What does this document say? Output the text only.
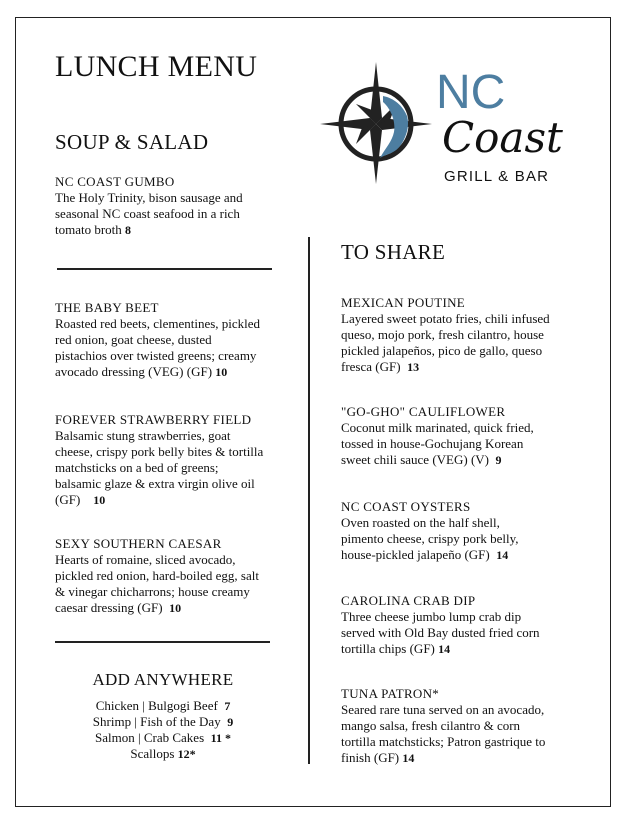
LUNCH MENU	NC
Coast
GRILL & BAR
SOUP & SALAD
NC COAST GUMBO
The Holy Trinity, bison sausage and
seasonal NC coast seafood in a rich
tomato broth 8
THE BABY BEET
Roasted red beets, clementines, pickled
red onion, goat cheese, dusted
pistachios over twisted greens; creamy
avocado dressing (VEG) (GF) 10
FOREVER STRAWBERRY FIELD
Balsamic stung strawberries, goat
cheese, crispy pork belly bites & tortilla
matchsticks on a bed of greens;
balsamic glaze & extra virgin olive oil
(GF) 10
SEXY SOUTHERN CAESAR
Hearts of romaine, sliced avocado,
pickled red onion, hard-boiled egg, salt
& vinegar chicharrons; house creamy
caesar dressing (GF) 10
ADD ANYWHERE
Chicken | Bulgogi Beef 7
Shrimp | Fish of the Day 9
Salmon | Crab Cakes 11 *
Scallops 12*
TO SHARE
MEXICAN POUTINE
Layered sweet potato fries, chili infused
queso, mojo pork, fresh cilantro, house
pickled jalapeños, pico de gallo, queso
fresca (GF) 13
"GO-GHO" CAULIFLOWER
Coconut milk marinated, quick fried,
tossed in house-Gochujang Korean
sweet chili sauce (VEG) (V) 9
NC COAST OYSTERS
Oven roasted on the half shell,
pimento cheese, crispy pork belly,
house-pickled jalapeño (GF) 14
CAROLINA CRAB DIP
Three cheese jumbo lump crab dip
served with Old Bay dusted fried corn
tortilla chips (GF) 14
TUNA PATRON*
Seared rare tuna served on an avocado,
mango salsa, fresh cilantro & corn
tortilla matchsticks; Patron gastrique to
finish (GF) 14
